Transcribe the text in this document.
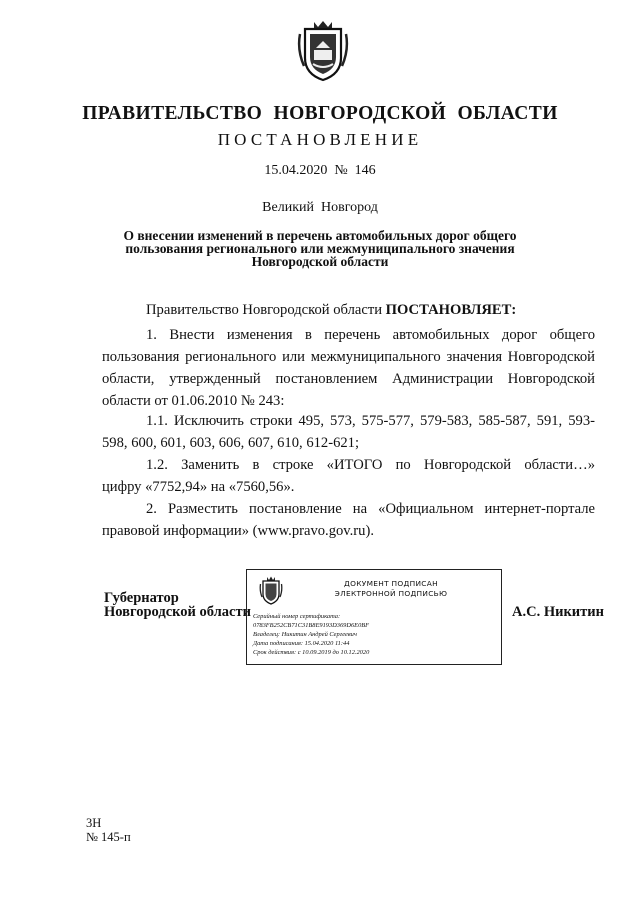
ПРАВИТЕЛЬСТВО НОВГОРОДСКОЙ ОБЛАСТИ
ПОСТАНОВЛЕНИЕ
15.04.2020  №  146
Великий  Новгород
О внесении изменений в перечень автомобильных дорог общего
пользования регионального или межмуниципального значения
Новгородской области
Правительство Новгородской области ПОСТАНОВЛЯЕТ:
1. Внести изменения в перечень автомобильных дорог общего
пользования регионального или межмуниципального значения Новгородской
области, утвержденный постановлением Администрации Новгородской
области от 01.06.2010 № 243:
1.1. Исключить строки 495, 573, 575-577, 579-583, 585-587, 591, 593-
598, 600, 601, 603, 606, 607, 610, 612-621;
1.2. Заменить в строке «ИТОГО по Новгородской области…»
цифру «7752,94» на «7560,56».
2. Разместить постановление на «Официальном интернет-портале
правовой информации» (www.pravo.gov.ru).
Губернатор
Новгородской области
ДОКУМЕНТ ПОДПИСАН
ЭЛЕКТРОННОЙ ПОДПИСЬЮ
Серийный номер сертификата:
0783FB252CB71C31B8E9193D369D6E0BF
Владелец: Никитин Андрей Сергеевич
Дата подписания: 15.04.2020 11:44
Срок действия: с 10.09.2019 до 10.12.2020
А.С. Никитин
3Н
№ 145-п
